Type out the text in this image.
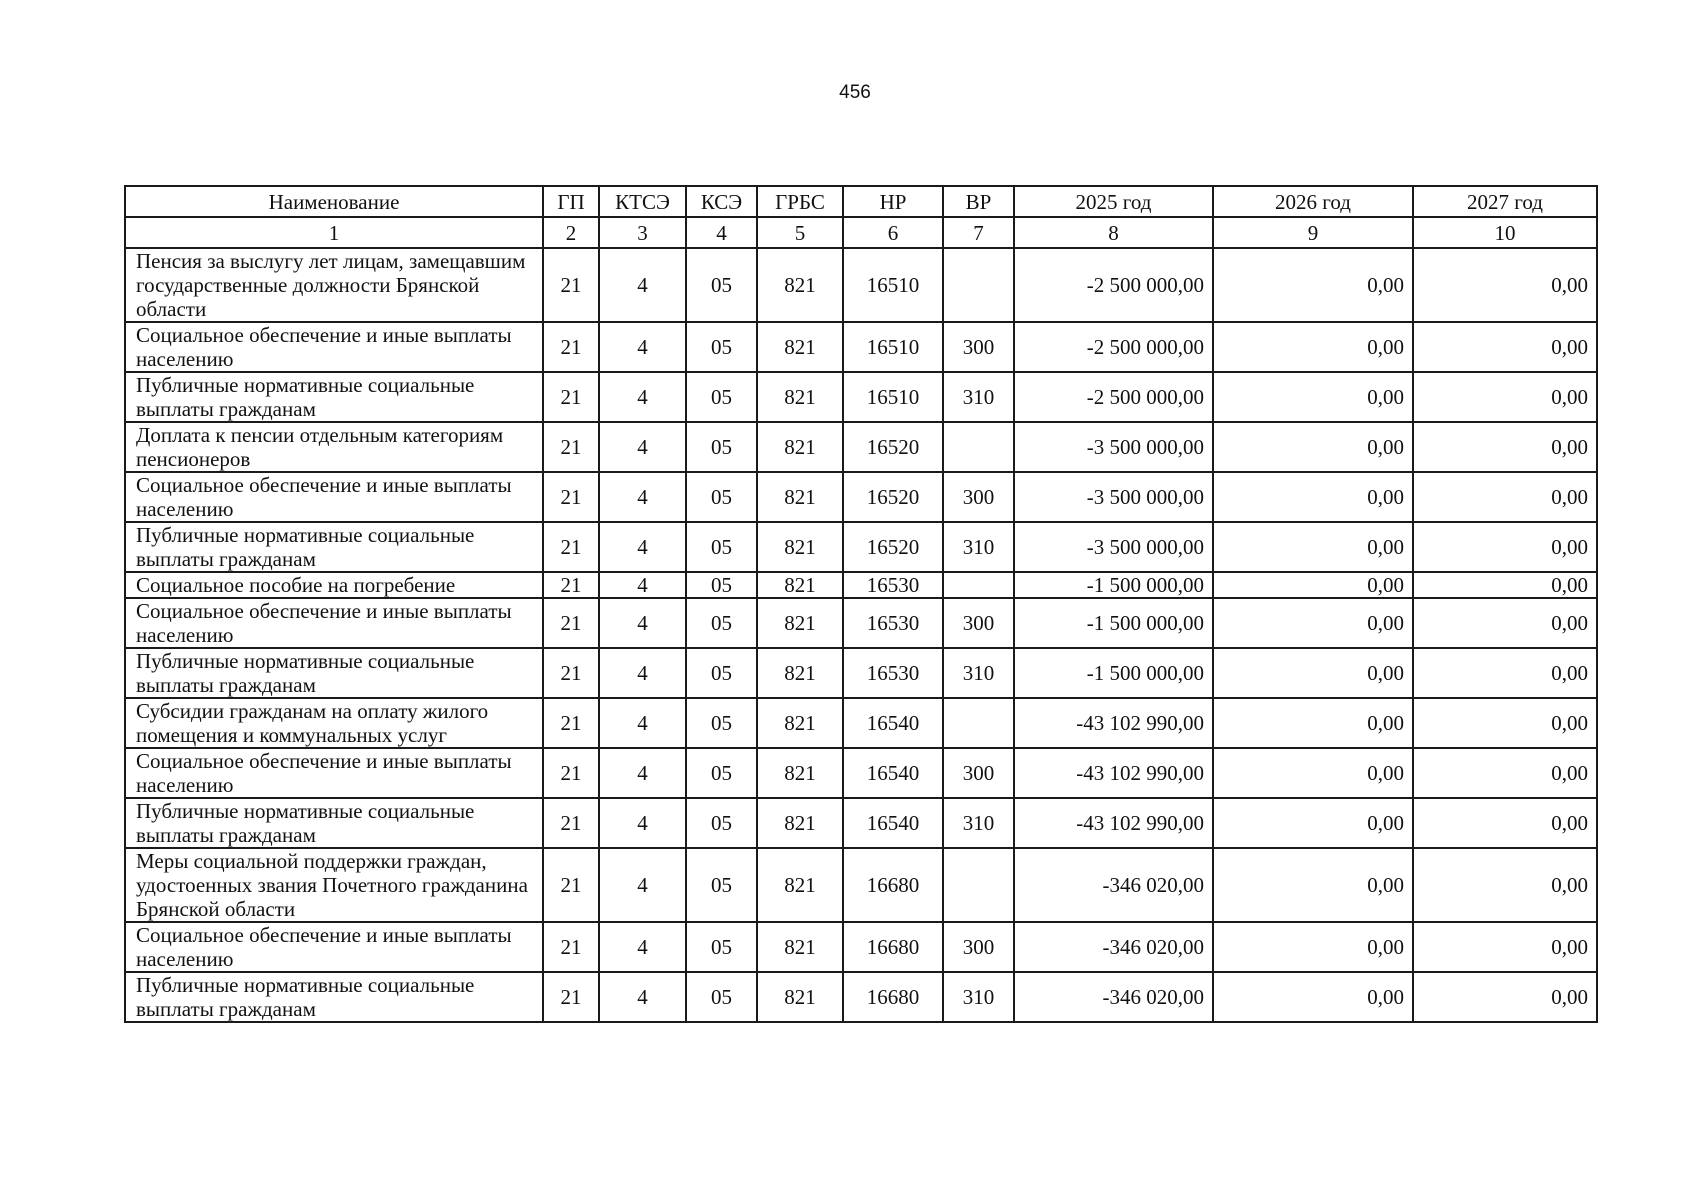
456
Наименование	ГП	КТСЭ	КСЭ	ГРБС	НР	ВР	2025 год	2026 год	2027 год
1	2	3	4	5	6	7	8	9	10
Пенсия за выслугу лет лицам, замещавшим государственные должности Брянской области	21	4	05	821	16510		-2 500 000,00	0,00	0,00
Социальное обеспечение и иные выплаты населению	21	4	05	821	16510	300	-2 500 000,00	0,00	0,00
Публичные нормативные социальные выплаты гражданам	21	4	05	821	16510	310	-2 500 000,00	0,00	0,00
Доплата к пенсии отдельным категориям пенсионеров	21	4	05	821	16520		-3 500 000,00	0,00	0,00
Социальное обеспечение и иные выплаты населению	21	4	05	821	16520	300	-3 500 000,00	0,00	0,00
Публичные нормативные социальные выплаты гражданам	21	4	05	821	16520	310	-3 500 000,00	0,00	0,00
Социальное пособие на погребение	21	4	05	821	16530		-1 500 000,00	0,00	0,00
Социальное обеспечение и иные выплаты населению	21	4	05	821	16530	300	-1 500 000,00	0,00	0,00
Публичные нормативные социальные выплаты гражданам	21	4	05	821	16530	310	-1 500 000,00	0,00	0,00
Субсидии гражданам на оплату жилого помещения и коммунальных услуг	21	4	05	821	16540		-43 102 990,00	0,00	0,00
Социальное обеспечение и иные выплаты населению	21	4	05	821	16540	300	-43 102 990,00	0,00	0,00
Публичные нормативные социальные выплаты гражданам	21	4	05	821	16540	310	-43 102 990,00	0,00	0,00
Меры социальной поддержки граждан, удостоенных звания Почетного гражданина Брянской области	21	4	05	821	16680		-346 020,00	0,00	0,00
Социальное обеспечение и иные выплаты населению	21	4	05	821	16680	300	-346 020,00	0,00	0,00
Публичные нормативные социальные выплаты гражданам	21	4	05	821	16680	310	-346 020,00	0,00	0,00
